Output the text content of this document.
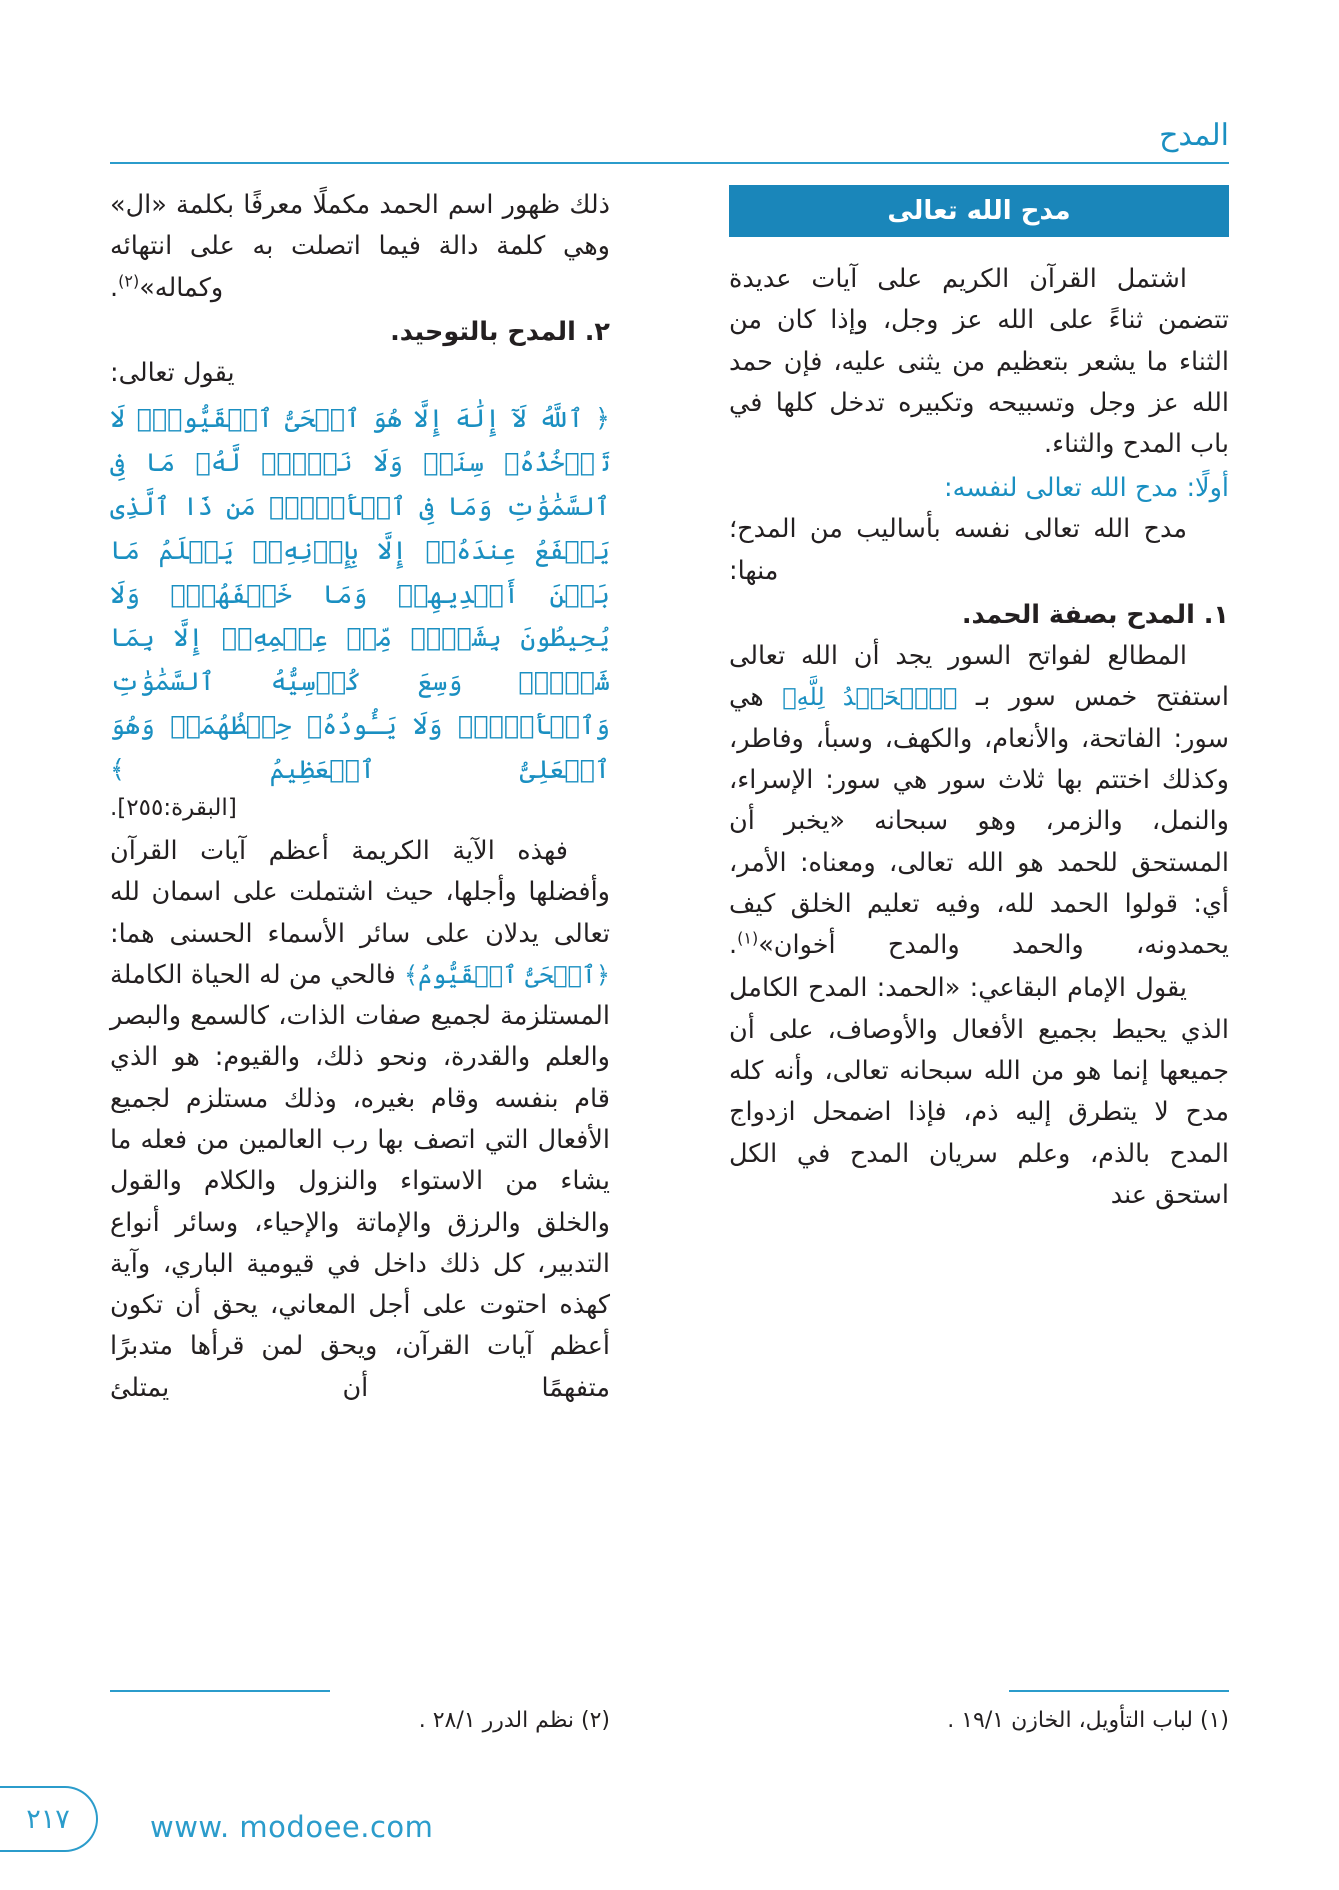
المدح
مدح الله تعالى

اشتمل القرآن الكريم على آيات عديدة تتضمن ثناءً على الله عز وجل، وإذا كان من الثناء ما يشعر بتعظيم من يثنى عليه، فإن حمد الله عز وجل وتسبيحه وتكبيره تدخل كلها في باب المدح والثناء.

أولًا: مدح الله تعالى لنفسه:

مدح الله تعالى نفسه بأساليب من المدح؛ منها:

١. المدح بصفة الحمد.

المطالع لفواتح السور يجد أن الله تعالى استفتح خمس سور بـ ﴿ٱلۡحَمۡدُ لِلَّهِ﴾ هي سور: الفاتحة، والأنعام، والكهف، وسبأ، وفاطر، وكذلك اختتم بها ثلاث سور هي سور: الإسراء، والنمل، والزمر، وهو سبحانه «يخبر أن المستحق للحمد هو الله تعالى، ومعناه: الأمر، أي: قولوا الحمد لله، وفيه تعليم الخلق كيف يحمدونه، والحمد والمدح أخوان»$^{(١)}$.

يقول الإمام البقاعي: «الحمد: المدح الكامل الذي يحيط بجميع الأفعال والأوصاف، على أن جميعها إنما هو من الله سبحانه تعالى، وأنه كله مدح لا يتطرق إليه ذم، فإذا اضمحل ازدواج المدح بالذم، وعلم سريان المدح في الكل استحق عند

ذلك ظهور اسم الحمد مكملًا معرفًا بكلمة «ال» وهي كلمة دالة فيما اتصلت به على انتهائه وكماله»$^{(٢)}$.

٢. المدح بالتوحيد.

يقول تعالى:

﴿ ٱللَّهُ لَآ إِلَٰهَ إِلَّا هُوَ ٱلۡحَیُّ ٱلۡقَیُّومُۚ لَا تَأۡخُذُهُۥ سِنَةࣱ وَلَا نَوۡمࣱۚ لَّهُۥ مَا فِی ٱلسَّمَٰوَٰتِ وَمَا فِی ٱلۡأَرۡضِۗ مَن ذَا ٱلَّذِی یَشۡفَعُ عِندَهُۥۤ إِلَّا بِإِذۡنِهِۦۚ یَعۡلَمُ مَا بَیۡنَ أَیۡدِیهِمۡ وَمَا خَلۡفَهُمۡۖ وَلَا یُحِیطُونَ بِشَیۡءࣲ مِّنۡ عِلۡمِهِۦۤ إِلَّا بِمَا شَاۤءَۚ وَسِعَ كُرۡسِیُّهُ ٱلسَّمَٰوَٰتِ وَٱلۡأَرۡضَۖ وَلَا یَـُٔودُهُۥ حِفۡظُهُمَاۚ وَهُوَ ٱلۡعَلِیُّ ٱلۡعَظِیمُ ﴾
[البقرة:٢٥٥].

فهذه الآية الكريمة أعظم آيات القرآن وأفضلها وأجلها، حيث اشتملت على اسمان لله تعالى يدلان على سائر الأسماء الحسنى هما: ﴿ٱلۡحَیُّ ٱلۡقَیُّومُ﴾ فالحي من له الحياة الكاملة المستلزمة لجميع صفات الذات، كالسمع والبصر والعلم والقدرة، ونحو ذلك، والقيوم: هو الذي قام بنفسه وقام بغيره، وذلك مستلزم لجميع الأفعال التي اتصف بها رب العالمين من فعله ما يشاء من الاستواء والنزول والكلام والقول والخلق والرزق والإماتة والإحياء، وسائر أنواع التدبير، كل ذلك داخل في قيومية الباري، وآية كهذه احتوت على أجل المعاني، يحق أن تكون أعظم آيات القرآن، ويحق لمن قرأها متدبرًا متفهمًا أن يمتلئ

(١) لباب التأويل، الخازن ١٩/١ .
(٢) نظم الدرر ٢٨/١ .
٢١٧	www. modoee.com
